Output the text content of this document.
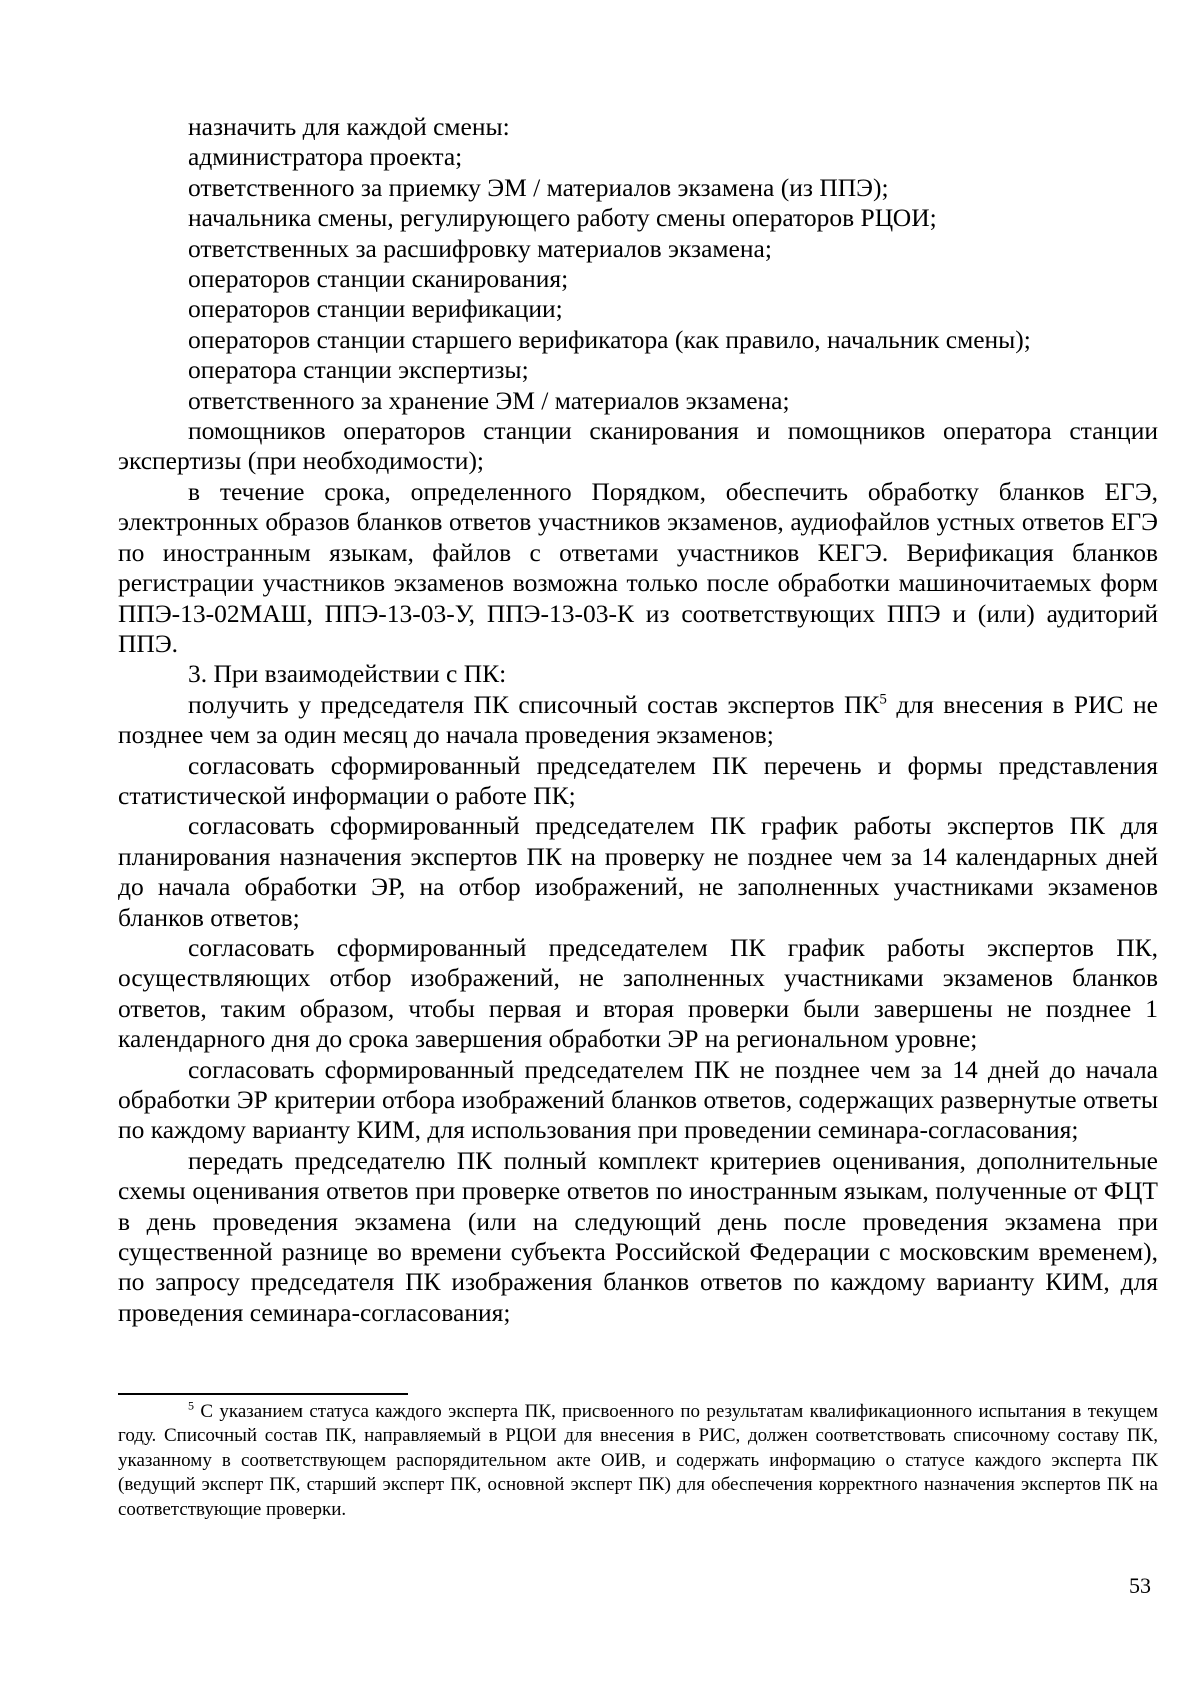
назначить для каждой смены:

администратора проекта;

ответственного за приемку ЭМ / материалов экзамена (из ППЭ);

начальника смены, регулирующего работу смены операторов РЦОИ;

ответственных за расшифровку материалов экзамена;

операторов станции сканирования;

операторов станции верификации;

операторов станции старшего верификатора (как правило, начальник смены);

оператора станции экспертизы;

ответственного за хранение ЭМ / материалов экзамена;

помощников операторов станции сканирования и помощников оператора станции экспертизы (при необходимости);

в течение срока, определенного Порядком, обеспечить обработку бланков ЕГЭ, электронных образов бланков ответов участников экзаменов, аудиофайлов устных ответов ЕГЭ по иностранным языкам, файлов с ответами участников КЕГЭ. Верификация бланков регистрации участников экзаменов возможна только после обработки машиночитаемых форм ППЭ-13-02МАШ, ППЭ-13-03-У, ППЭ-13-03-К из соответствующих ППЭ и (или) аудиторий ППЭ.

3. При взаимодействии с ПК:

получить у председателя ПК списочный состав экспертов $ПК^5$ для внесения в РИС не позднее чем за один месяц до начала проведения экзаменов;

согласовать сформированный председателем ПК перечень и формы представления статистической информации о работе ПК;

согласовать сформированный председателем ПК график работы экспертов ПК для планирования назначения экспертов ПК на проверку не позднее чем за 14 календарных дней до начала обработки ЭР, на отбор изображений, не заполненных участниками экзаменов бланков ответов;

согласовать сформированный председателем ПК график работы экспертов ПК, осуществляющих отбор изображений, не заполненных участниками экзаменов бланков ответов, таким образом, чтобы первая и вторая проверки были завершены не позднее 1 календарного дня до срока завершения обработки ЭР на региональном уровне;

согласовать сформированный председателем ПК не позднее чем за 14 дней до начала обработки ЭР критерии отбора изображений бланков ответов, содержащих развернутые ответы по каждому варианту КИМ, для использования при проведении семинара-согласования;

передать председателю ПК полный комплект критериев оценивания, дополнительные схемы оценивания ответов при проверке ответов по иностранным языкам, полученные от ФЦТ в день проведения экзамена (или на следующий день после проведения экзамена при существенной разнице во времени субъекта Российской Федерации с московским временем), по запросу председателя ПК изображения бланков ответов по каждому варианту КИМ, для проведения семинара-согласования;

$^5$ С указанием статуса каждого эксперта ПК, присвоенного по результатам квалификационного испытания в текущем году. Списочный состав ПК, направляемый в РЦОИ для внесения в РИС, должен соответствовать списочному составу ПК, указанному в соответствующем распорядительном акте ОИВ, и содержать информацию о статусе каждого эксперта ПК (ведущий эксперт ПК, старший эксперт ПК, основной эксперт ПК) для обеспечения корректного назначения экспертов ПК на соответствующие проверки.
53
